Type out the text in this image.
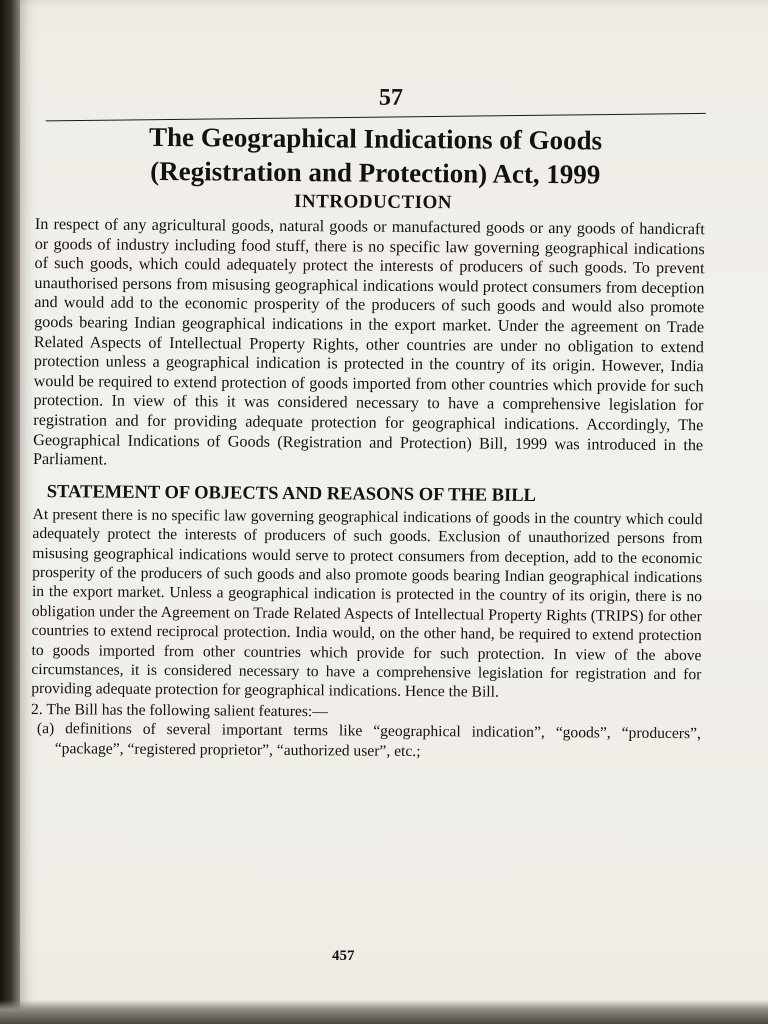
57
The Geographical Indications of Goods
(Registration and Protection) Act, 1999
INTRODUCTION

In respect of any agricultural goods, natural goods or manufactured goods or any goods of handicraft or goods of industry including food stuff, there is no specific law governing geographical indications of such goods, which could adequately protect the interests of producers of such goods. To prevent unauthorised persons from misusing geographical indications would protect consumers from deception and would add to the economic prosperity of the producers of such goods and would also promote goods bearing Indian geographical indications in the export market. Under the agreement on Trade Related Aspects of Intellectual Property Rights, other countries are under no obligation to extend protection unless a geographical indication is protected in the country of its origin. However, India would be required to extend protection of goods imported from other countries which provide for such protection. In view of this it was considered necessary to have a comprehensive legislation for registration and for providing adequate protection for geographical indications. Accordingly, The Geographical Indications of Goods (Registration and Protection) Bill, 1999 was introduced in the Parliament.

STATEMENT OF OBJECTS AND REASONS OF THE BILL

At present there is no specific law governing geographical indications of goods in the country which could adequately protect the interests of producers of such goods. Exclusion of unauthorized persons from misusing geographical indications would serve to protect consumers from deception, add to the economic prosperity of the producers of such goods and also promote goods bearing Indian geographical indications in the export market. Unless a geographical indication is protected in the country of its origin, there is no obligation under the Agreement on Trade Related Aspects of Intellectual Property Rights (TRIPS) for other countries to extend reciprocal protection. India would, on the other hand, be required to extend protection to goods imported from other countries which provide for such protection. In view of the above circumstances, it is considered necessary to have a comprehensive legislation for registration and for providing adequate protection for geographical indications. Hence the Bill.

2. The Bill has the following salient features:—

(a) definitions of several important terms like “geographical indication”, “goods”, “producers”, “package”, “registered proprietor”, “authorized user”, etc.;

457
